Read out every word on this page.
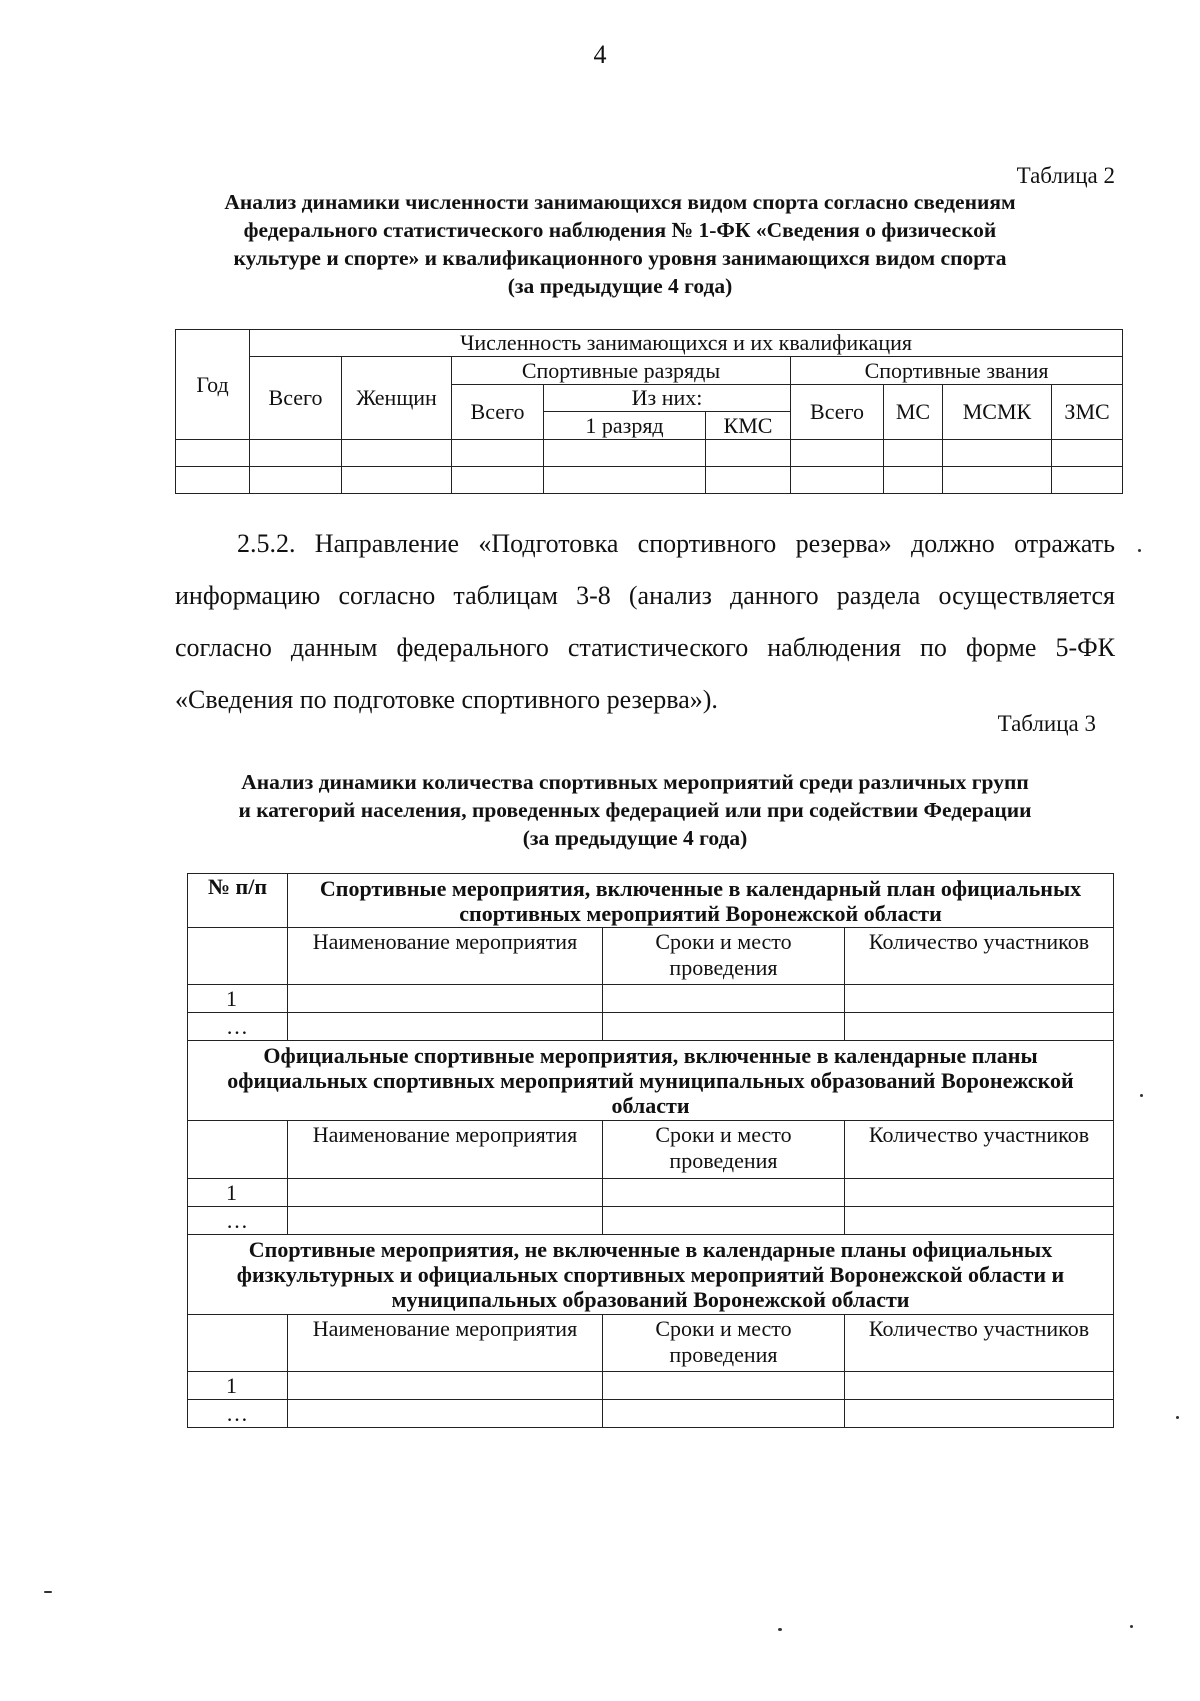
4
Таблица 2
Анализ динамики численности занимающихся видом спорта согласно сведениям
федерального статистического наблюдения № 1-ФК «Сведения о физической
культуре и спорте» и квалификационного уровня занимающихся видом спорта
(за предыдущие 4 года)
Год	Численность занимающихся и их квалификация								
	Всего	Женщин	Спортивные разряды			Спортивные звания			
			Всего	Из них:		Всего	МС	МСМК	ЗМС
				1 разряд	КМС				

2.5.2. Направление «Подготовка спортивного резерва» должно отражать
информацию согласно таблицам 3-8 (анализ данного раздела осуществляется
согласно данным федерального статистического наблюдения по форме 5-ФК
«Сведения по подготовке спортивного резерва»).
Таблица 3
Анализ динамики количества спортивных мероприятий среди различных групп
и категорий населения, проведенных федерацией или при содействии Федерации
(за предыдущие 4 года)
№ п/п	Спортивные мероприятия, включенные в календарный план официальных спортивных мероприятий Воронежской области		
	Наименование мероприятия	Сроки и место проведения	Количество участников
1			
…			
Официальные спортивные мероприятия, включенные в календарные планы официальных спортивных мероприятий муниципальных образований Воронежской области			
	Наименование мероприятия	Сроки и место проведения	Количество участников
1			
…			
Спортивные мероприятия, не включенные в календарные планы официальных физкультурных и официальных спортивных мероприятий Воронежской области и муниципальных образований Воронежской области			
	Наименование мероприятия	Сроки и место проведения	Количество участников
1			
…			
